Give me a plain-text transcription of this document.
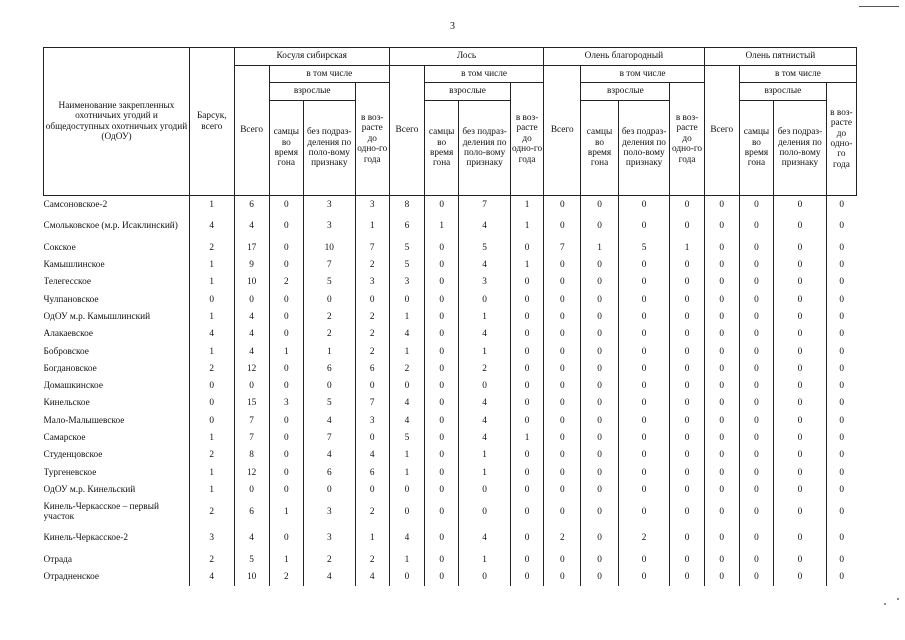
3
Наименование закрепленных охотничьих угодий и общедоступных охотничьих угодий (ОдОУ)	Барсук, всего	Косуля сибирская				Лось				Олень благородный				Олень пятнистый			
		Всего	в том числе			Всего	в том числе			Всего	в том числе			Всего	в том числе		
			взрослые		в воз-расте до одно-го года		взрослые		в воз-расте до одно-го года		взрослые		в воз-расте до одно-го года		взрослые		в воз-расте до одно-го года
			самцы во время гона	без подраз-деления по поло-вому признаку			самцы во время гона	без подраз-деления по поло-вому признаку			самцы во время гона	без подраз-деления по поло-вому признаку			самцы во время гона	без подраз-деления по поло-вому признаку	
Самсоновское-2	1	6	0	3	3	8	0	7	1	0	0	0	0	0	0	0	0
Смольковское (м.р. Исаклинский)	4	4	0	3	1	6	1	4	1	0	0	0	0	0	0	0	0
Сокское	2	17	0	10	7	5	0	5	0	7	1	5	1	0	0	0	0
Камышлинское	1	9	0	7	2	5	0	4	1	0	0	0	0	0	0	0	0
Телегесское	1	10	2	5	3	3	0	3	0	0	0	0	0	0	0	0	0
Чулпановское	0	0	0	0	0	0	0	0	0	0	0	0	0	0	0	0	0
ОдОУ м.р. Камышлинский	1	4	0	2	2	1	0	1	0	0	0	0	0	0	0	0	0
Алакаевское	4	4	0	2	2	4	0	4	0	0	0	0	0	0	0	0	0
Бобровское	1	4	1	1	2	1	0	1	0	0	0	0	0	0	0	0	0
Богдановское	2	12	0	6	6	2	0	2	0	0	0	0	0	0	0	0	0
Домашкинское	0	0	0	0	0	0	0	0	0	0	0	0	0	0	0	0	0
Кинельское	0	15	3	5	7	4	0	4	0	0	0	0	0	0	0	0	0
Мало-Малышевское	0	7	0	4	3	4	0	4	0	0	0	0	0	0	0	0	0
Самарское	1	7	0	7	0	5	0	4	1	0	0	0	0	0	0	0	0
Студенцовское	2	8	0	4	4	1	0	1	0	0	0	0	0	0	0	0	0
Тургеневское	1	12	0	6	6	1	0	1	0	0	0	0	0	0	0	0	0
ОдОУ м.р. Кинельский	1	0	0	0	0	0	0	0	0	0	0	0	0	0	0	0	0
Кинель-Черкасское – первый участок	2	6	1	3	2	0	0	0	0	0	0	0	0	0	0	0	0
Кинель-Черкасское-2	3	4	0	3	1	4	0	4	0	2	0	2	0	0	0	0	0
Отрада	2	5	1	2	2	1	0	1	0	0	0	0	0	0	0	0	0
Отрадненское	4	10	2	4	4	0	0	0	0	0	0	0	0	0	0	0	0
